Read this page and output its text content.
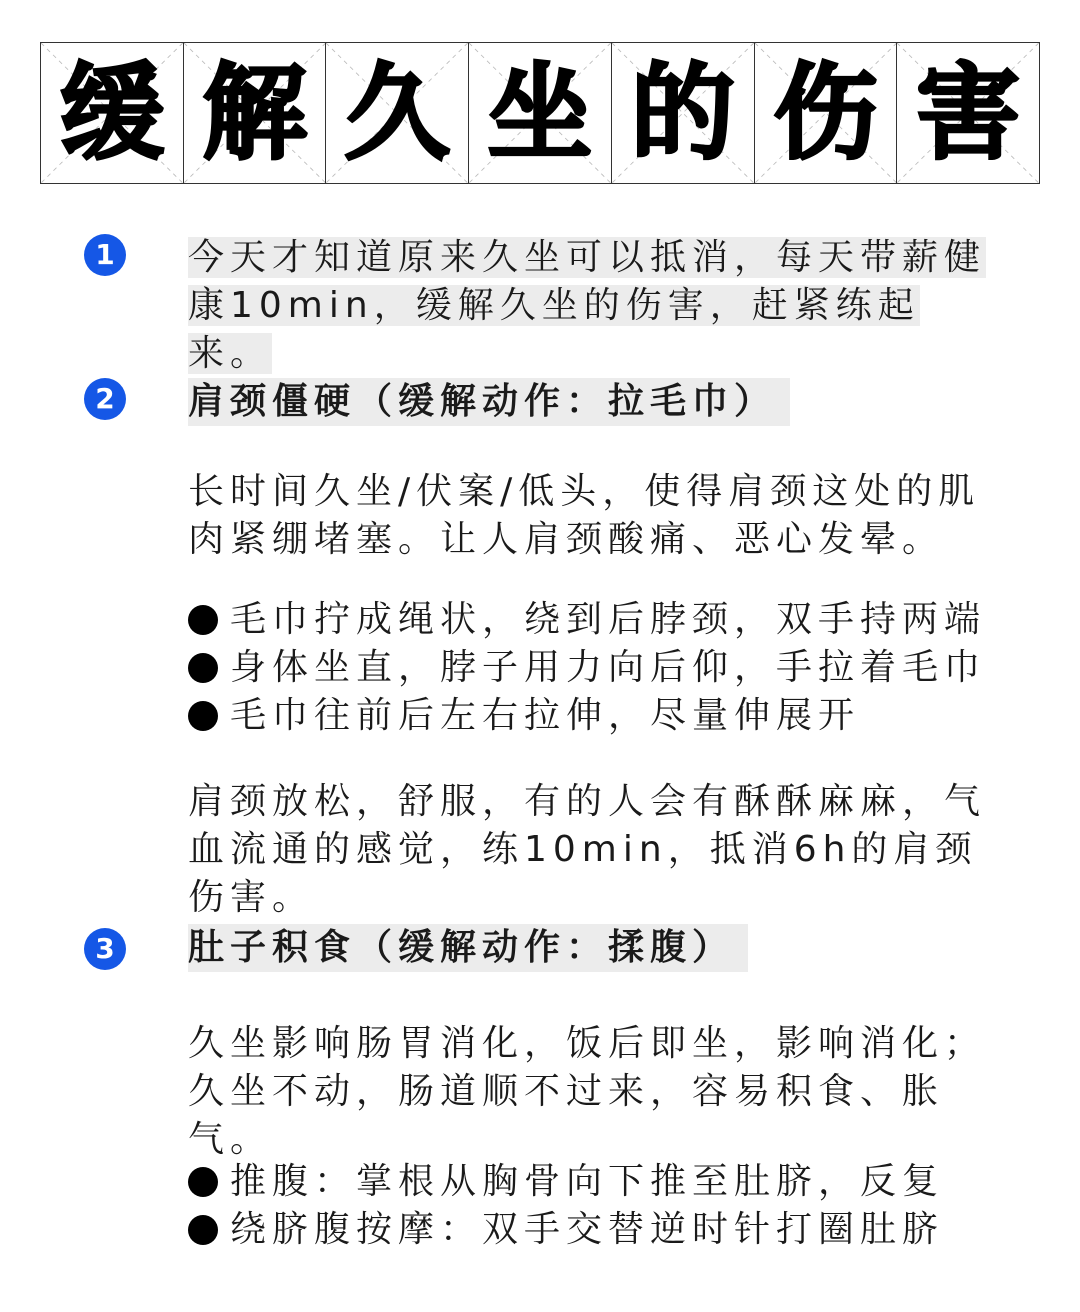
缓 解 久 坐 的 伤 害
1	今天才知道原来久坐可以抵消，每天带薪健康10min，缓解久坐的伤害，赶紧练起来。

2	肩颈僵硬（缓解动作：拉毛巾）

长时间久坐/伏案/低头，使得肩颈这处的肌肉紧绷堵塞。让人肩颈酸痛、恶心发晕。

毛巾拧成绳状，绕到后脖颈，双手持两端
身体坐直，脖子用力向后仰，手拉着毛巾
毛巾往前后左右拉伸，尽量伸展开

肩颈放松，舒服，有的人会有酥酥麻麻，气血流通的感觉，练10min，抵消6h的肩颈伤害。

3	肚子积食（缓解动作：揉腹）

久坐影响肠胃消化，饭后即坐，影响消化；久坐不动，肠道顺不过来，容易积食、胀气。

推腹：掌根从胸骨向下推至肚脐，反复
绕脐腹按摩：双手交替逆时针打圈肚脐
